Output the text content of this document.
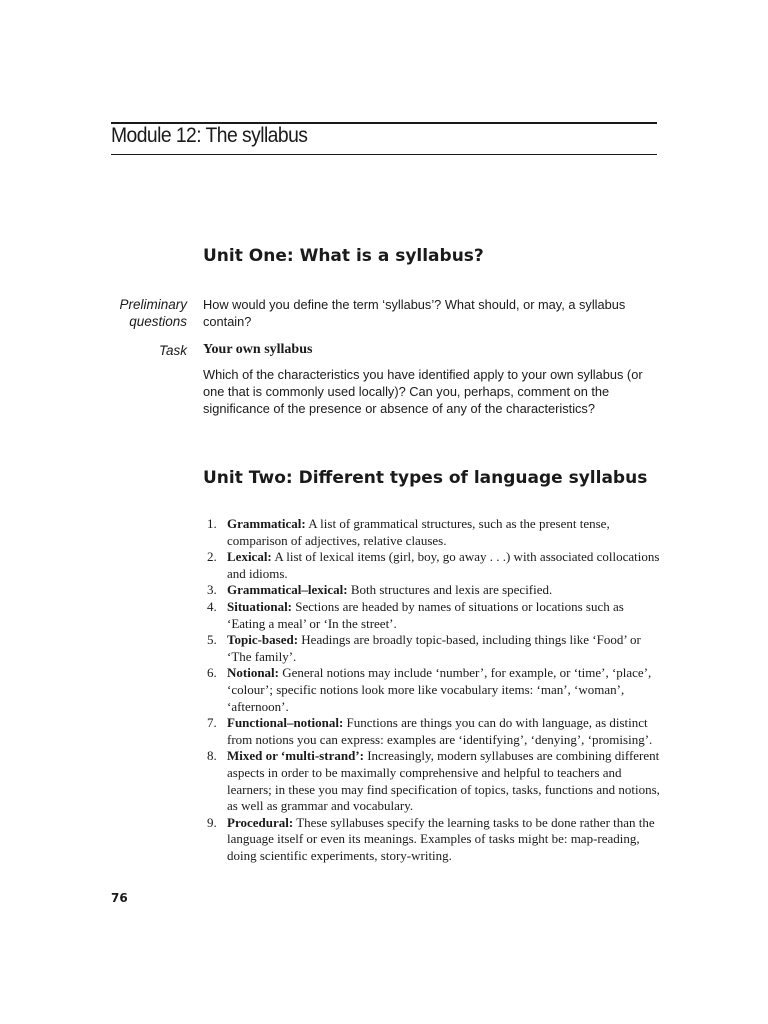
Module 12: The syllabus
Unit One: What is a syllabus?
Preliminary
questions

How would you define the term ‘syllabus’? What should, or may, a syllabus contain?

Task Your own syllabus

Which of the characteristics you have identified apply to your own syllabus (or one that is commonly used locally)? Can you, perhaps, comment on the significance of the presence or absence of any of the characteristics?

Unit Two: Different types of language syllabus
1. Grammatical: A list of grammatical structures, such as the present tense, comparison of adjectives, relative clauses.
2. Lexical: A list of lexical items (girl, boy, go away . . .) with associated collocations and idioms.
3. Grammatical–lexical: Both structures and lexis are specified.
4. Situational: Sections are headed by names of situations or locations such as ‘Eating a meal’ or ‘In the street’.
5. Topic-based: Headings are broadly topic-based, including things like ‘Food’ or ‘The family’.
6. Notional: General notions may include ‘number’, for example, or ‘time’, ‘place’, ‘colour’; specific notions look more like vocabulary items: ‘man’, ‘woman’, ‘afternoon’.
7. Functional–notional: Functions are things you can do with language, as distinct from notions you can express: examples are ‘identifying’, ‘denying’, ‘promising’.
8. Mixed or ‘multi-strand’: Increasingly, modern syllabuses are combining different aspects in order to be maximally comprehensive and helpful to teachers and learners; in these you may find specification of topics, tasks, functions and notions, as well as grammar and vocabulary.
9. Procedural: These syllabuses specify the learning tasks to be done rather than the language itself or even its meanings. Examples of tasks might be: map-reading, doing scientific experiments, story-writing.
76
